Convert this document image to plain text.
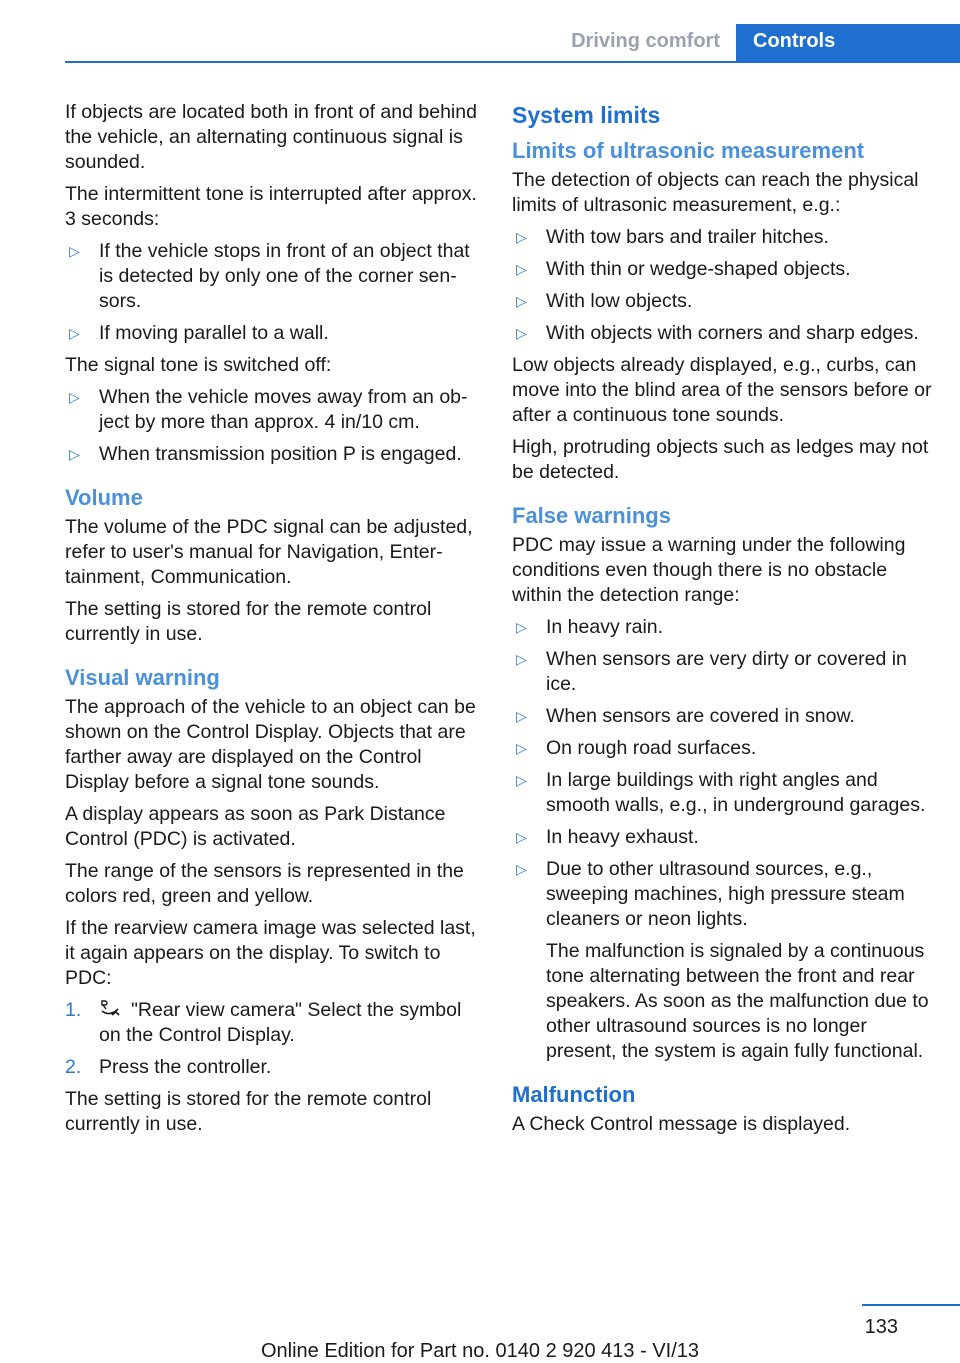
Driving comfort Controls

If objects are located both in front of and behind the vehicle, an alternating continuous signal is sounded.

The intermittent tone is interrupted after approx. 3 seconds:

▷ If the vehicle stops in front of an object that is detected by only one of the corner sensors.
▷ If moving parallel to a wall.

The signal tone is switched off:

▷ When the vehicle moves away from an object by more than approx. 4 in/10 cm.
▷ When transmission position P is engaged.
Volume

The volume of the PDC signal can be adjusted, refer to user's manual for Navigation, Entertainment, Communication.

The setting is stored for the remote control currently in use.

Visual warning

The approach of the vehicle to an object can be shown on the Control Display. Objects that are farther away are displayed on the Control Display before a signal tone sounds.

A display appears as soon as Park Distance Control (PDC) is activated.

The range of the sensors is represented in the colors red, green and yellow.

If the rearview camera image was selected last, it again appears on the display. To switch to PDC:

1.	"Rear view camera" Select the symbol on the Control Display.
2. Press the controller.

The setting is stored for the remote control currently in use.

System limits
Limits of ultrasonic measurement

The detection of objects can reach the physical limits of ultrasonic measurement, e.g.:

▷ With tow bars and trailer hitches.
▷ With thin or wedge-shaped objects.
▷ With low objects.
▷ With objects with corners and sharp edges.

Low objects already displayed, e.g., curbs, can move into the blind area of the sensors before or after a continuous tone sounds.

High, protruding objects such as ledges may not be detected.

False warnings

PDC may issue a warning under the following conditions even though there is no obstacle within the detection range:

▷ In heavy rain.
▷ When sensors are very dirty or covered in ice.
▷ When sensors are covered in snow.
▷ On rough road surfaces.
▷ In large buildings with right angles and smooth walls, e.g., in underground garages.
▷ In heavy exhaust.
▷ Due to other ultrasound sources, e.g., sweeping machines, high pressure steam cleaners or neon lights.
The malfunction is signaled by a continuous tone alternating between the front and rear speakers. As soon as the malfunction due to other ultrasound sources is no longer present, the system is again fully functional.
Malfunction

A Check Control message is displayed.

133
Online Edition for Part no. 0140 2 920 413 - VI/13
